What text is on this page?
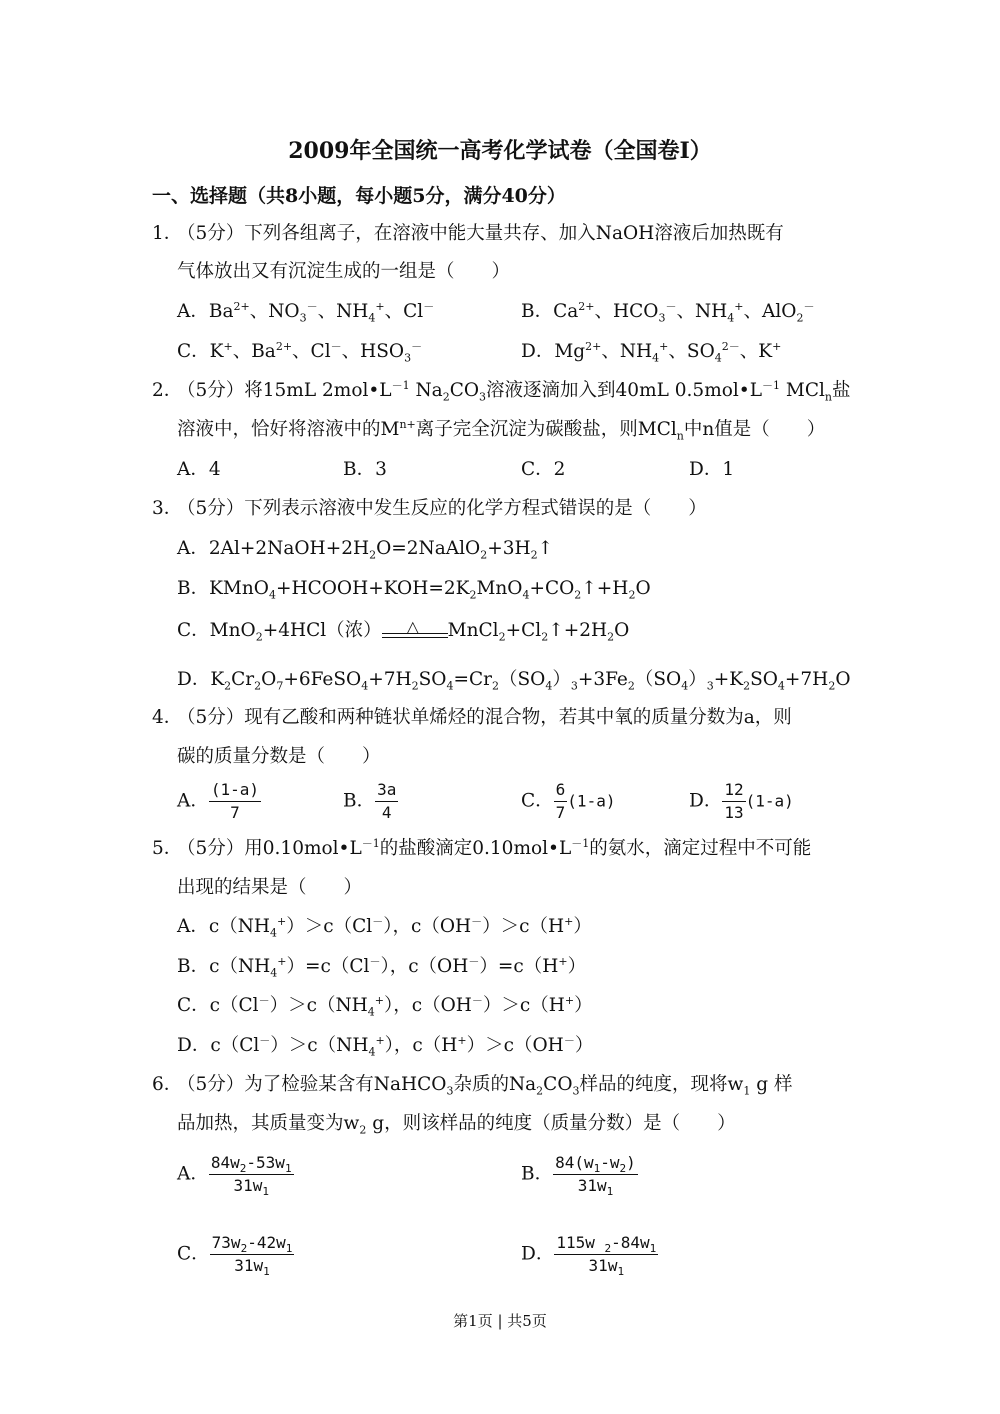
2009年全国统一高考化学试卷（全国卷I）
一、选择题（共8小题，每小题5分，满分40分）
1．
（5分）下列各组离子，在溶液中能大量共存、加入NaOH溶液后加热既有
气体放出又有沉淀生成的一组是（　　）
A．$Ba^{2+}$、$NO_3^-$、$NH_4^+$、Cl－	B．$Ca^{2+}$、$HCO_3^-$、$NH_4^+$、AlO$_2$－
C．K+、$Ba^{2+}$、Cl－、$HSO_3^-$	D．$Mg^{2+}$、$NH_4^+$、$SO_4^{2-}$、K+
2．
（5分）将15mL $2mol•L^{-1}$ $Na_2CO_3$溶液逐滴加入到40mL $0.5mol•L^{-1}$ MCl$_n$盐
溶液中，恰好将溶液中的$M^{n+}$离子完全沉淀为碳酸盐，则MCl$_n$中n值是（　　）
A．4	B．3	C．2	D．1
3．
（5分）下列表示溶液中发生反应的化学方程式错误的是（　　）
A．$2Al+2NaOH+2H_2O=2NaAlO_2+3H_2↑$
B．$KMnO_4+HCOOH+KOH=2K_2MnO_4+CO_2↑+H_2O$
C．MnO$_2$+4HCl（浓） △ $MnCl_2+Cl_2↑+2H_2O$
D．$K_2Cr_2O_7+6FeSO_4+7H_2SO_4=Cr_2(SO_4)_3+3Fe_2(SO_4)_3+K_2SO_4+7H_2O$
4．
（5分）现有乙酸和两种链状单烯烃的混合物，若其中氧的质量分数为a，则
碳的质量分数是（　　）
A． $\frac{(1-a)}{7}$	B． $\frac{3a}{4}$	C． $\frac{6}{7} (1-a)$	D． $\frac{12}{13} (1-a)$
5．
（5分）用$0.10mol•L^{-1}$的盐酸滴定$0.10mol•L^{-1}$的氨水，滴定过程中不可能
出现的结果是（　　）
A．$c(NH_4^+)>c(Cl^-)$，c（OH－）＞c（H+）
B．$c(NH_4^+)=c(Cl^-)$，c（OH－）=c（H+）
C．$c(Cl^-)>c(NH_4^+)$，c（OH－）＞c（H+）
D．$c(Cl^-)>c(NH_4^+)$，c（H+）＞c（OH－）
6．
（5分）为了检验某含有NaHCO$_3$杂质的$Na_2CO_3$样品的纯度，现将$w_1$ g 样
品加热，其质量变为$w_2$ g，则该样品的纯度（质量分数）是（　　）
A． $\frac{84w_2-53w_1}{31w_1}$	B． $\frac{84(w_1-w_2)}{31w_1}$
C． $\frac{73w_2-42w_1}{31w_1}$	D． $\frac{115w _2-84w_1}{31w_1}$
第1页 | 共5页
